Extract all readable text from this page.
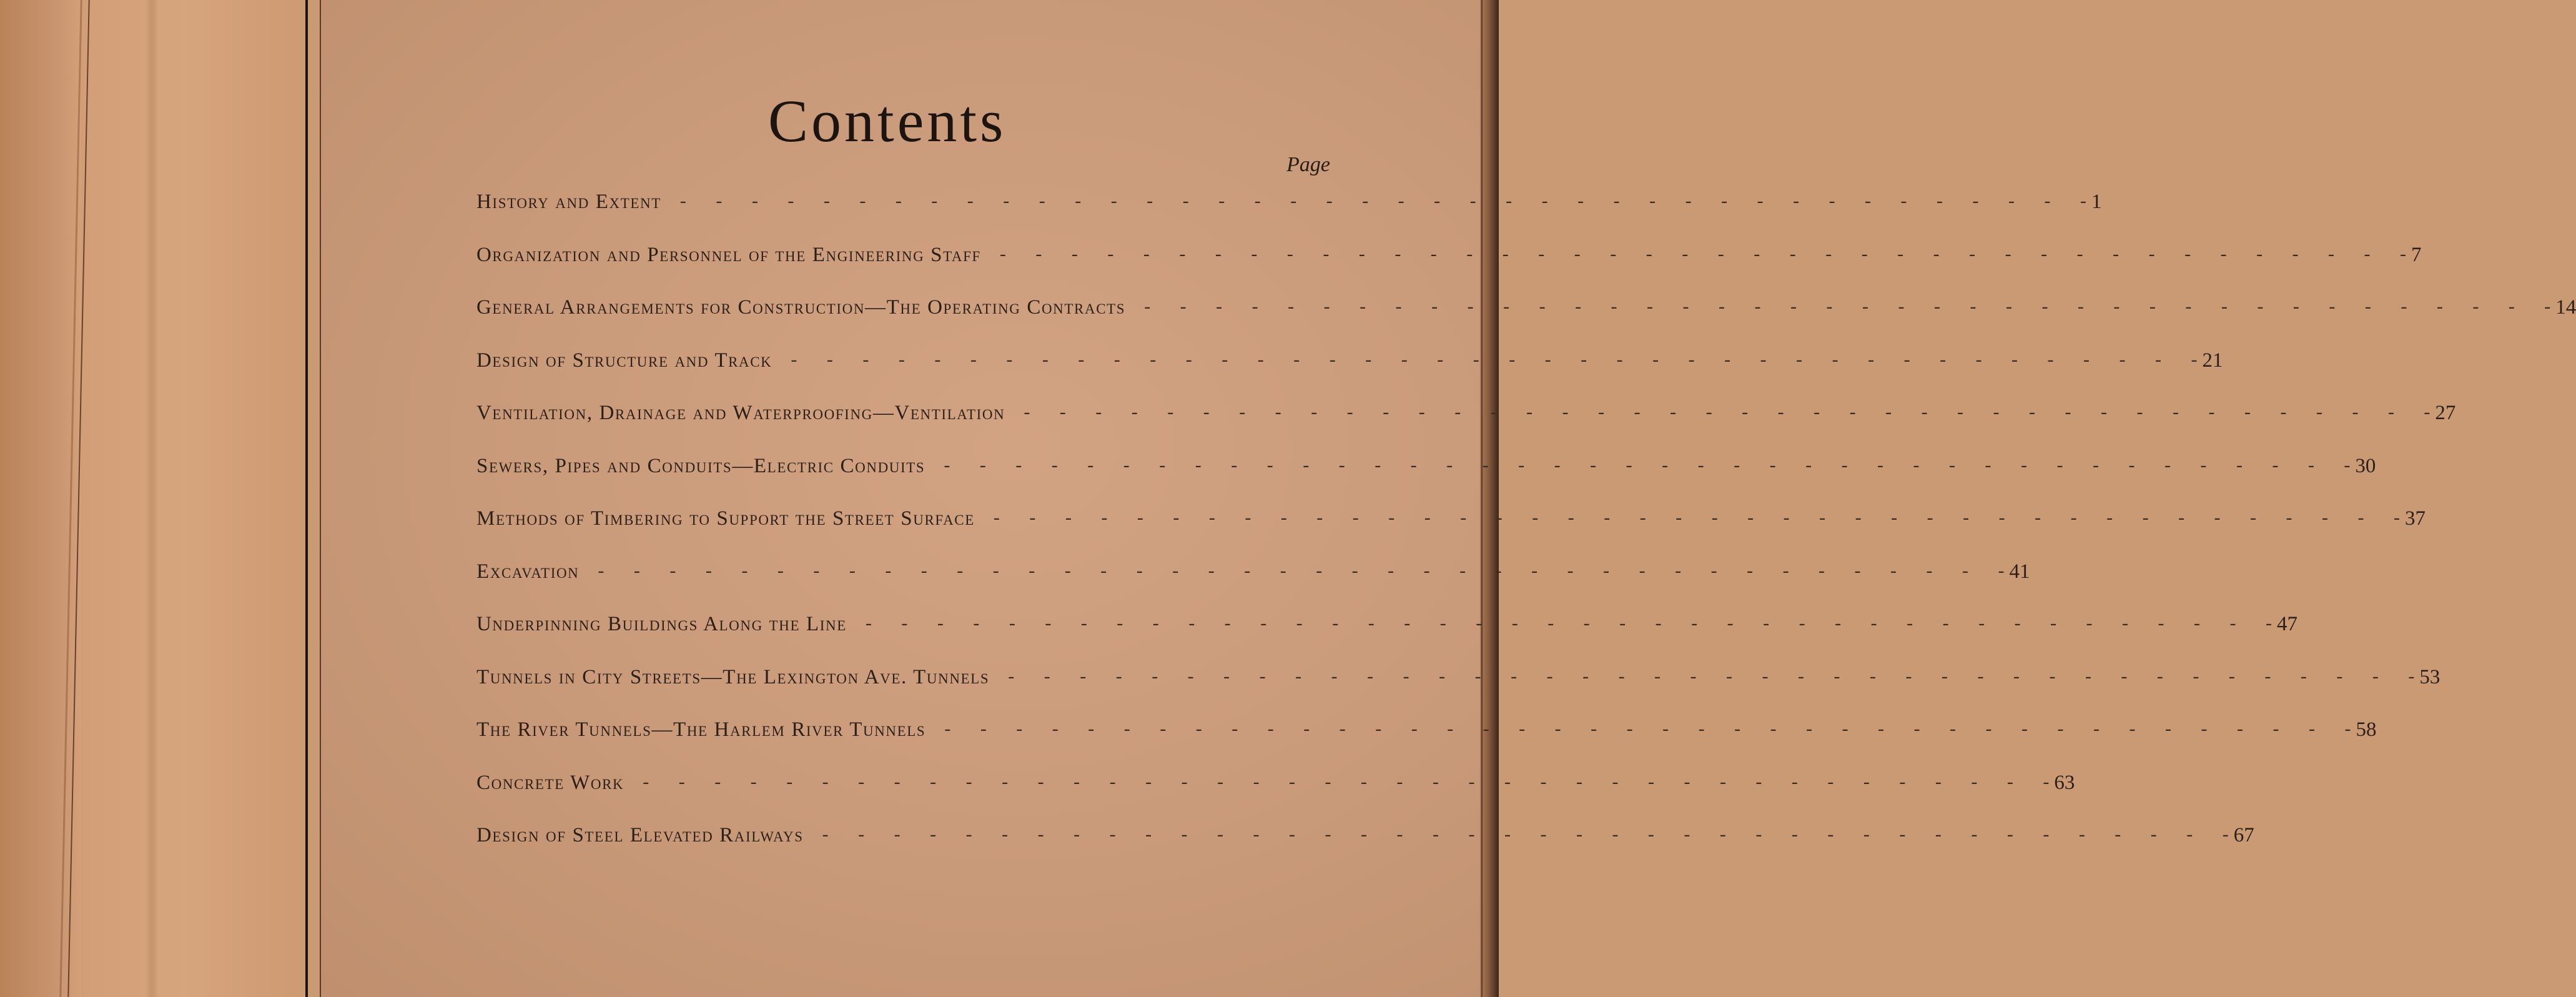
Contents
Page
History and Extent	- - - - - - - - - - - - - - - - - - - - - - - - - - - - - - - - - - - - - - - - 1
Organization and Personnel of the Engineering Staff	- - - - - - - - - - - - - - - - - - - - - - - - - - - - - - - - - - - - - - - - 7
General Arrangements for Construction—The Operating Contracts	- - - - - - - - - - - - - - - - - - - - - - - - - - - - - - - - - - - - - - - - 14
Design of Structure and Track	- - - - - - - - - - - - - - - - - - - - - - - - - - - - - - - - - - - - - - - - 21
Ventilation, Drainage and Waterproofing—Ventilation	- - - - - - - - - - - - - - - - - - - - - - - - - - - - - - - - - - - - - - - - 27
Sewers, Pipes and Conduits—Electric Conduits	- - - - - - - - - - - - - - - - - - - - - - - - - - - - - - - - - - - - - - - - 30
Methods of Timbering to Support the Street Surface	- - - - - - - - - - - - - - - - - - - - - - - - - - - - - - - - - - - - - - - - 37
Excavation	- - - - - - - - - - - - - - - - - - - - - - - - - - - - - - - - - - - - - - - - 41
Underpinning Buildings Along the Line	- - - - - - - - - - - - - - - - - - - - - - - - - - - - - - - - - - - - - - - - 47
Tunnels in City Streets—The Lexington Ave. Tunnels	- - - - - - - - - - - - - - - - - - - - - - - - - - - - - - - - - - - - - - - - 53
The River Tunnels—The Harlem River Tunnels	- - - - - - - - - - - - - - - - - - - - - - - - - - - - - - - - - - - - - - - - 58
Concrete Work	- - - - - - - - - - - - - - - - - - - - - - - - - - - - - - - - - - - - - - - - 63
Design of Steel Elevated Railways	- - - - - - - - - - - - - - - - - - - - - - - - - - - - - - - - - - - - - - - - 67
